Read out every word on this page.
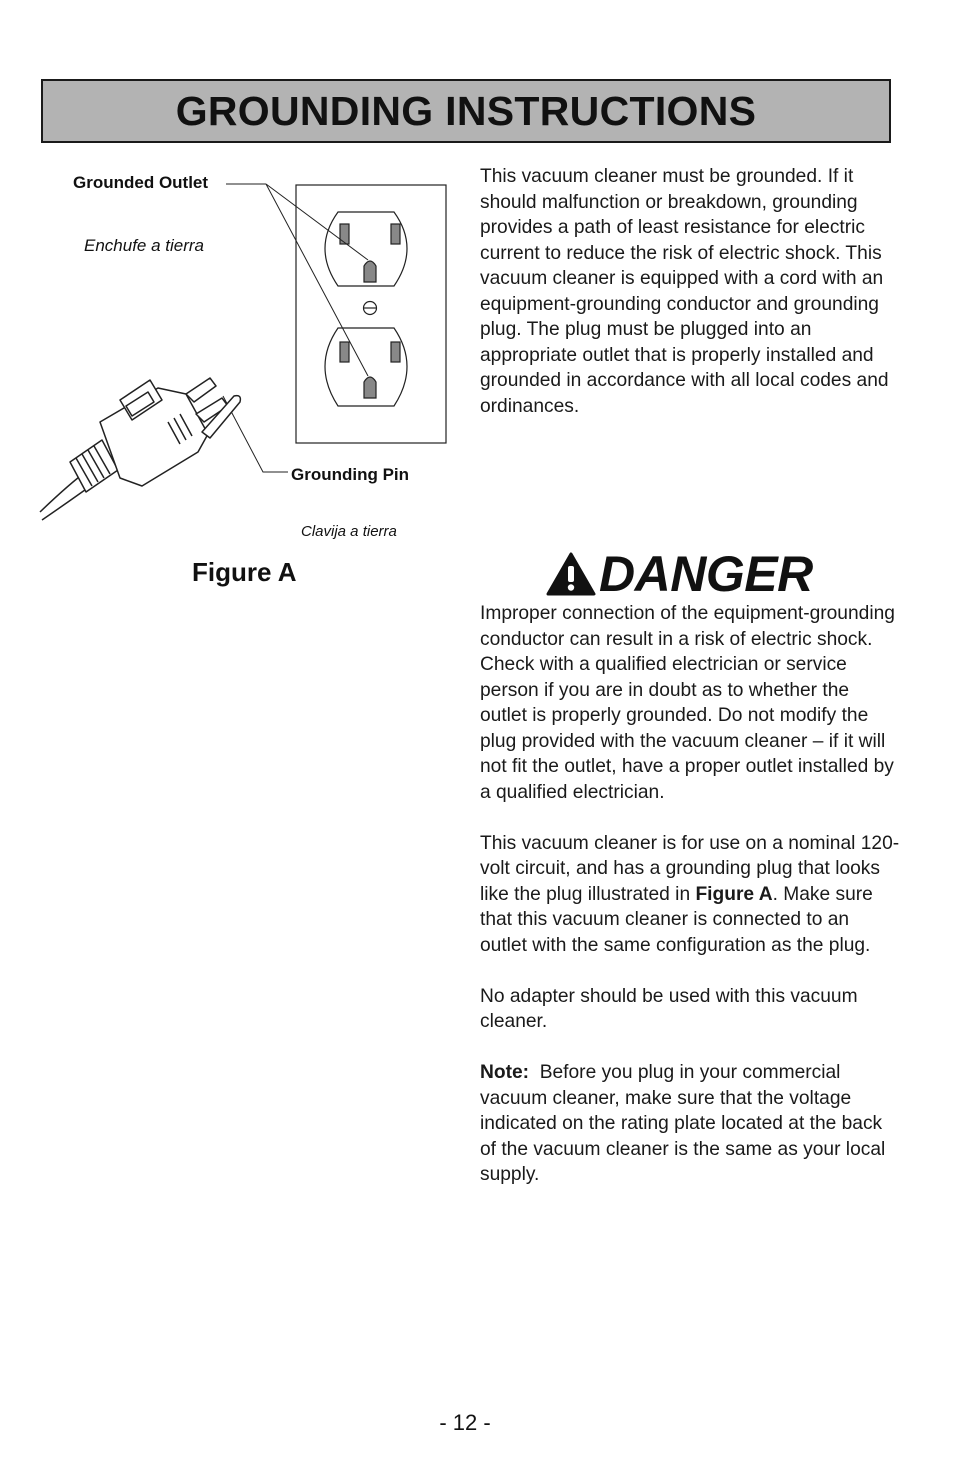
GROUNDING INSTRUCTIONS
Grounded Outlet
Enchufe a tierra
Grounding Pin
Clavija a tierra
Figure A

This vacuum cleaner must be grounded. If it should malfunction or breakdown, grounding provides a path of least resistance for electric current to reduce the risk of electric shock. This vacuum cleaner is equipped with a cord with an equipment-grounding conductor and grounding plug. The plug must be plugged into an appropriate outlet that is properly installed and grounded in accordance with all local codes and ordinances.

DANGER

Improper connection of the equipment-grounding conductor can result in a risk of electric shock. Check with a qualified electrician or service person if you are in doubt as to whether the outlet is properly grounded. Do not modify the plug provided with the vacuum cleaner – if it will not fit the outlet, have a proper outlet installed by a qualified electrician.

This vacuum cleaner is for use on a nominal 120-volt circuit, and has a grounding plug that looks like the plug illustrated in Figure A. Make sure that this vacuum cleaner is connected to an outlet with the same configuration as the plug.

No adapter should be used with this vacuum cleaner.

Note: Before you plug in your commercial vacuum cleaner, make sure that the voltage indicated on the rating plate located at the back of the vacuum cleaner is the same as your local supply.

- 12 -
